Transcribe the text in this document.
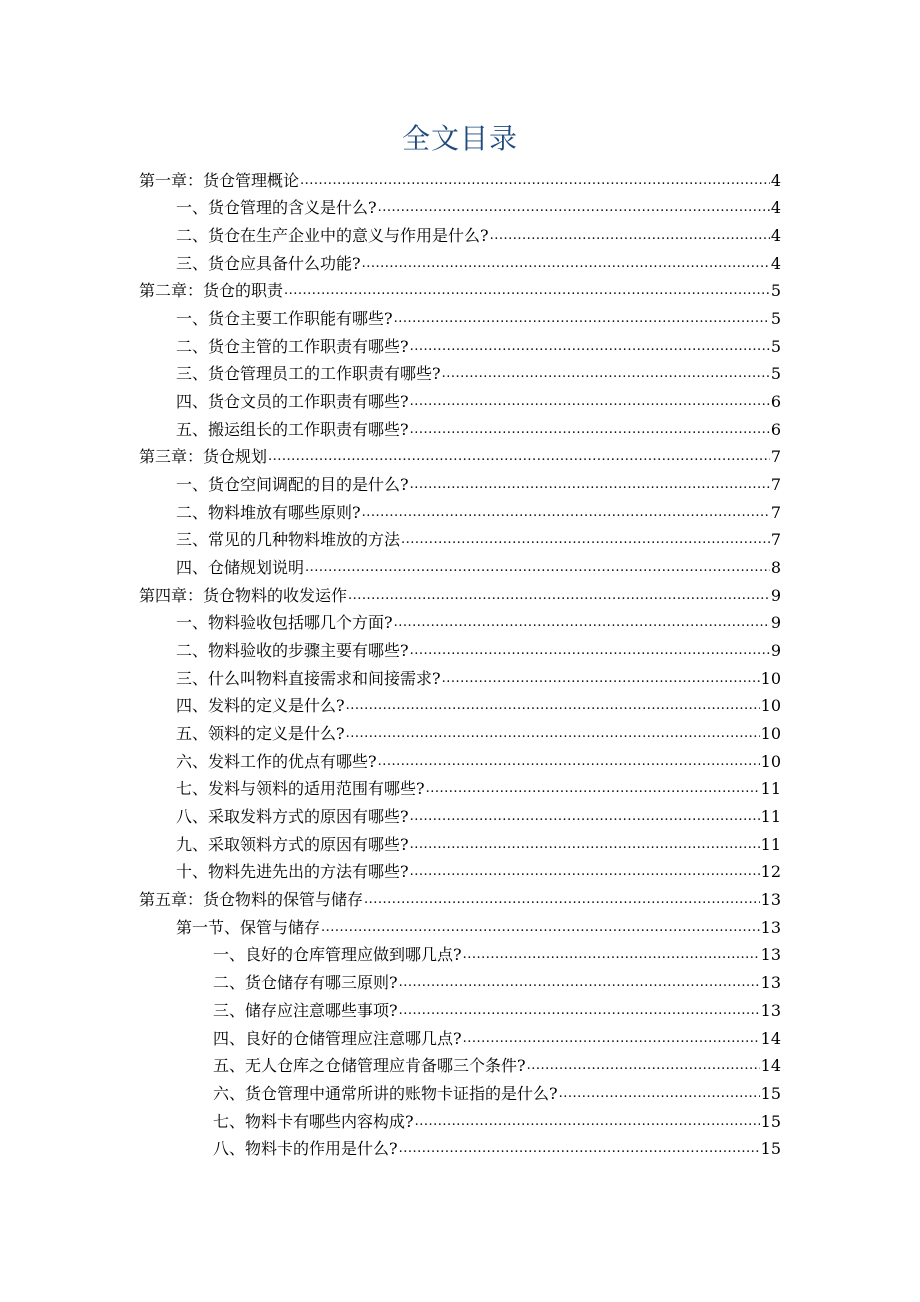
全文目录
第一章：货仓管理概论 .....	4
一、货仓管理的含义是什么? .....	4
二、货仓在生产企业中的意义与作用是什么? .....	4
三、货仓应具备什么功能? .....	4
第二章：货仓的职责 .....	5
一、货仓主要工作职能有哪些? .....	5
二、货仓主管的工作职责有哪些? .....	5
三、货仓管理员工的工作职责有哪些? .....	5
四、货仓文员的工作职责有哪些? .....	6
五、搬运组长的工作职责有哪些? .....	6
第三章：货仓规划 .....	7
一、货仓空间调配的目的是什么? .....	7
二、物料堆放有哪些原则? .....	7
三、常见的几种物料堆放的方法 .....	7
四、仓储规划说明 .....	8
第四章：货仓物料的收发运作 .....	9
一、物料验收包括哪几个方面? .....	9
二、物料验收的步骤主要有哪些? .....	9
三、什么叫物料直接需求和间接需求? .....	10
四、发料的定义是什么? .....	10
五、领料的定义是什么? .....	10
六、发料工作的优点有哪些? .....	10
七、发料与领料的适用范围有哪些? .....	11
八、采取发料方式的原因有哪些? .....	11
九、采取领料方式的原因有哪些? .....	11
十、物料先进先出的方法有哪些? .....	12
第五章：货仓物料的保管与储存 .....	13
第一节、保管与储存 .....	13
一、良好的仓库管理应做到哪几点? .....	13
二、货仓储存有哪三原则? .....	13
三、储存应注意哪些事项? .....	13
四、良好的仓储管理应注意哪几点? .....	14
五、无人仓库之仓储管理应肯备哪三个条件? .....	14
六、货仓管理中通常所讲的账物卡证指的是什么? .....	15
七、物料卡有哪些内容构成? .....	15
八、物料卡的作用是什么? .....	15
